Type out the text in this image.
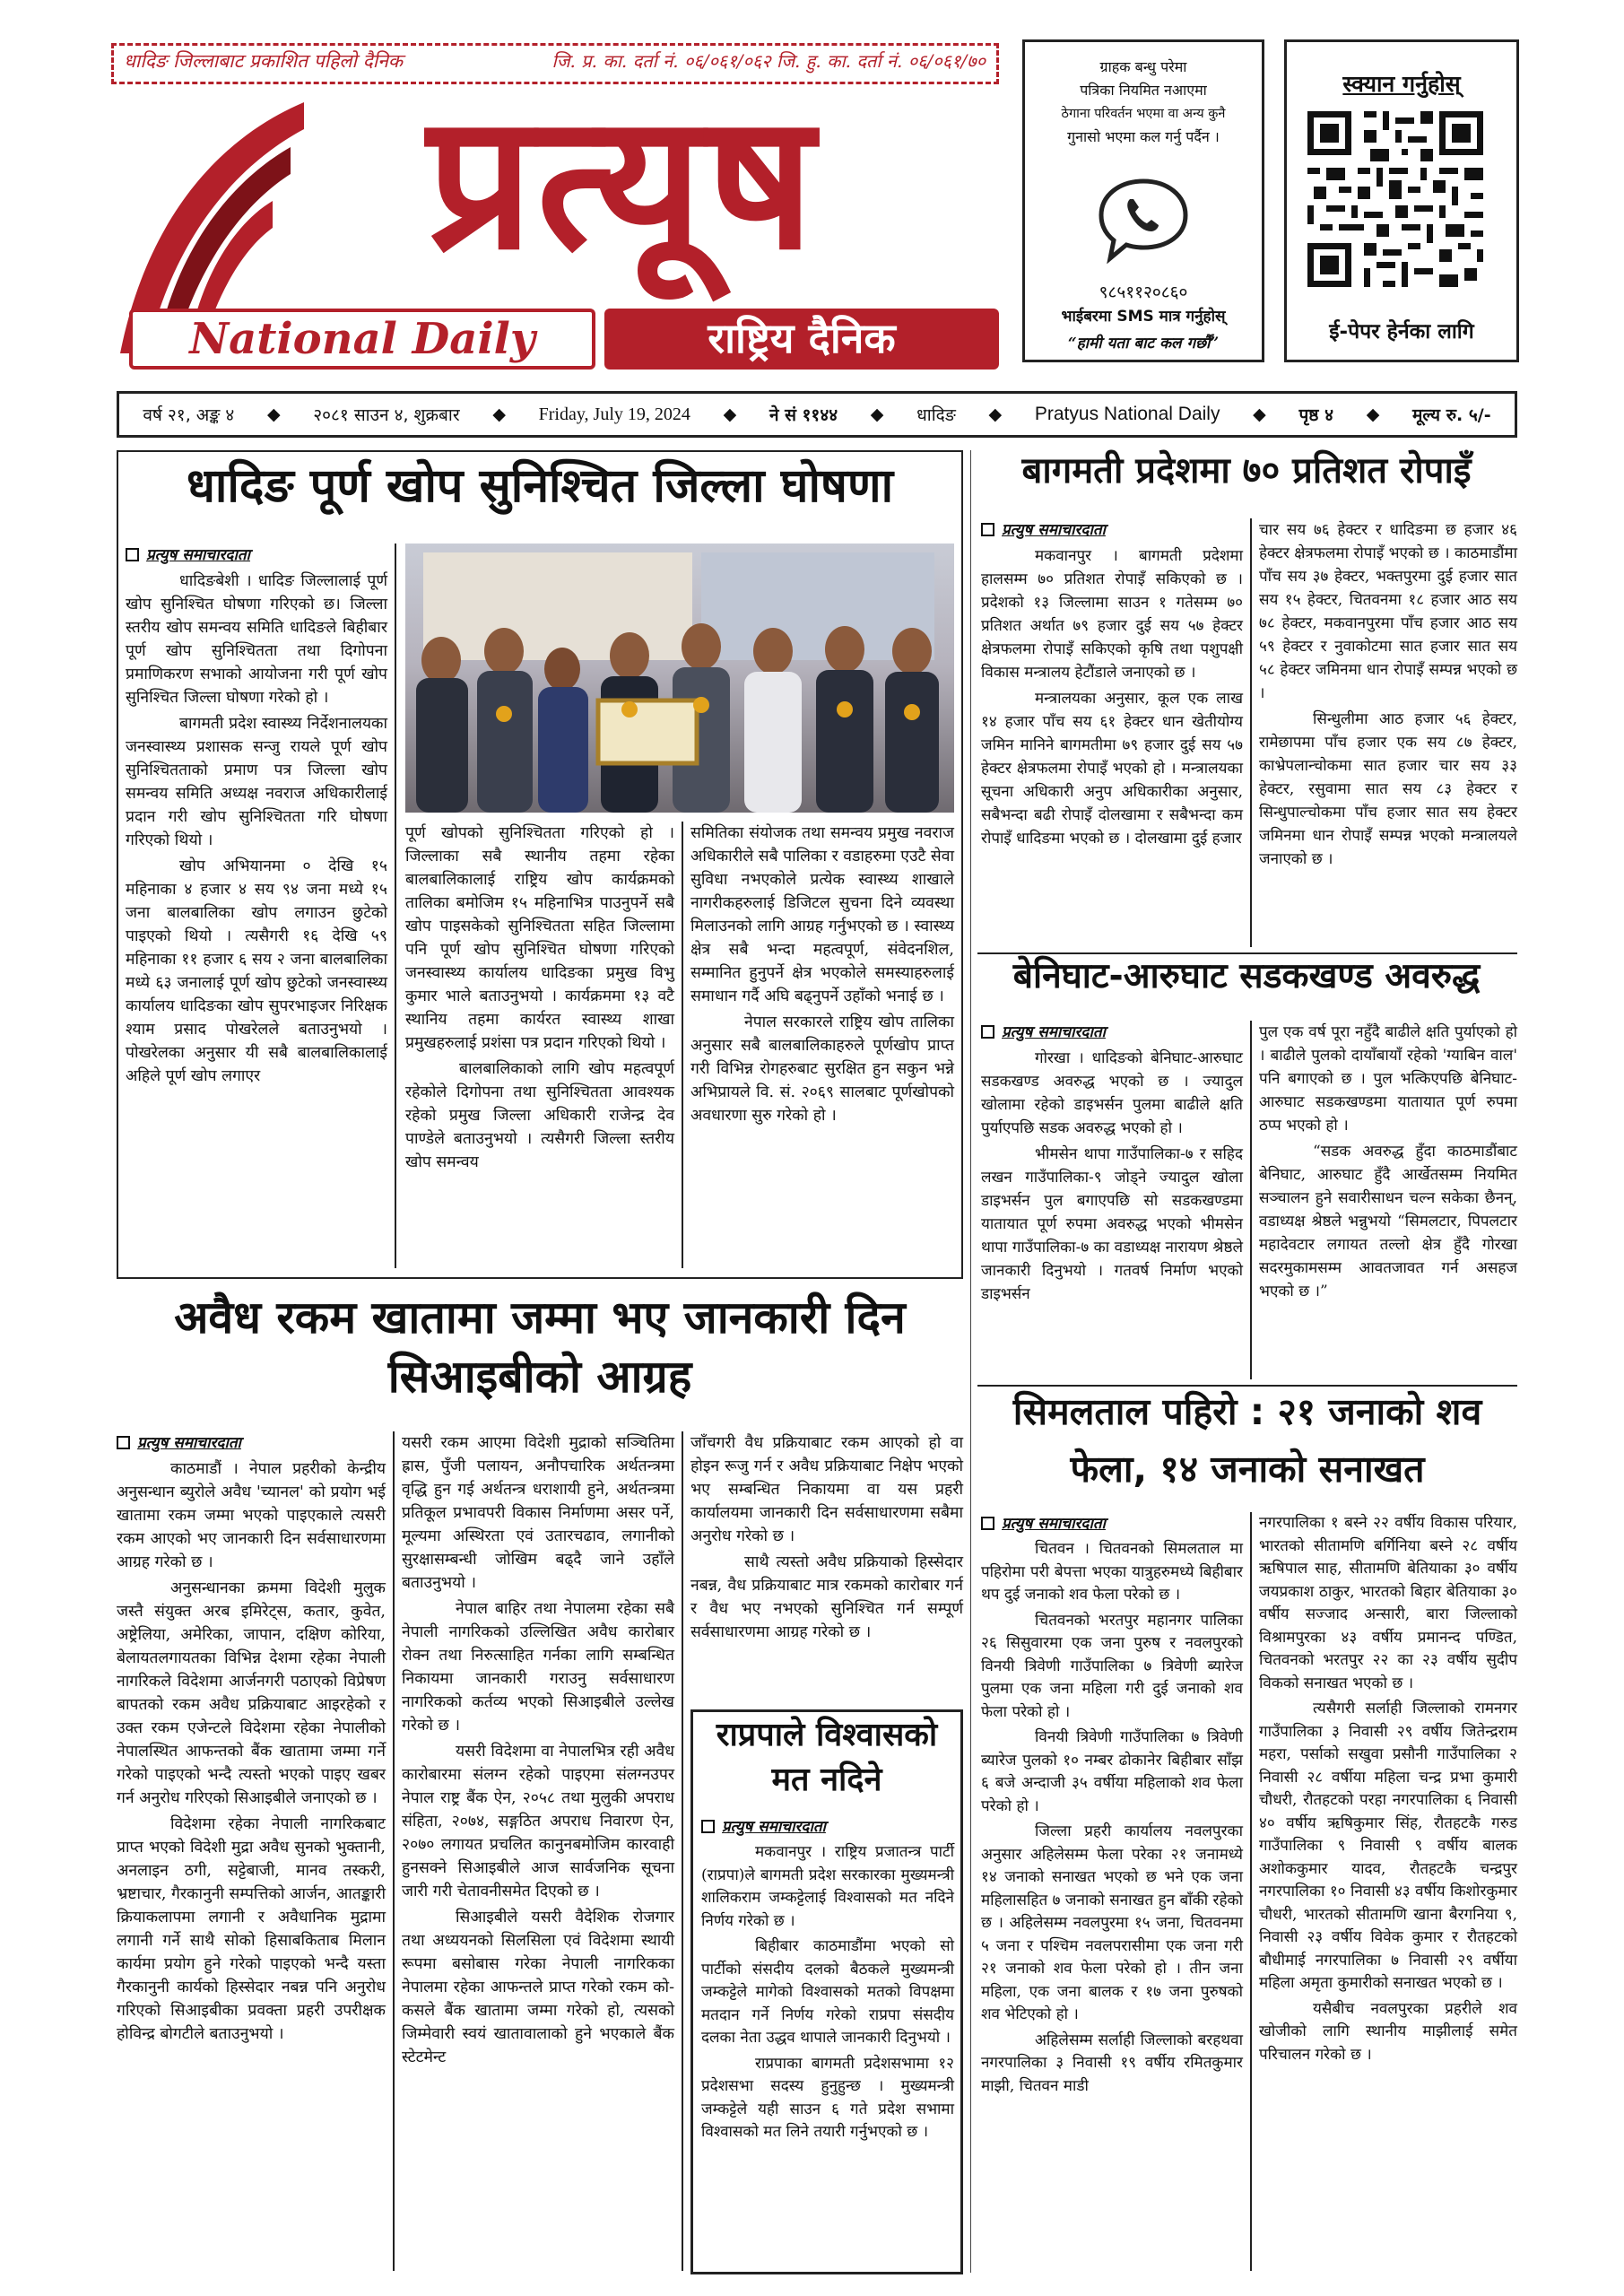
धादिङ जिल्लाबाट प्रकाशित पहिलो दैनिक	जि. प्र. का. दर्ता नं. ०६/०६१/०६२ जि. हु. का. दर्ता नं. ०६/०६१/७०
प्रत्यूष
National Daily	राष्ट्रिय दैनिक
ग्राहक बन्धु परेमा
पत्रिका नियमित नआएमा
ठेगाना परिवर्तन भएमा वा अन्य कुनै
गुनासो भएमा कल गर्नु पर्दैन ।
९८५११२०८६०
भाईबरमा SMS मात्र गर्नुहोस्
“हामी यता बाट कल गर्छौं”
स्क्यान गर्नुहोस्
ई-पेपर हेर्नका लागि
वर्ष २१, अङ्क ४ ◆ २०८१ साउन ४, शुक्रबार ◆ Friday, July 19, 2024 ◆ ने सं ११४४ ◆ धादिङ ◆ Pratyus National Daily ◆ पृष्ठ ४ ◆ मूल्य रु. ५/-
धादिङ पूर्ण खोप सुनिश्चित जिल्ला घोषणा
प्रत्युष समाचारदाता

धादिङबेशी । धादिङ जिल्लालाई पूर्ण खोप सुनिश्चित घोषणा गरिएको छ। जिल्ला स्तरीय खोप समन्वय समिति धादिङले बिहीबार पूर्ण खोप सुनिश्चितता तथा दिगोपना प्रमाणिकरण सभाको आयोजना गरी पूर्ण खोप सुनिश्चित जिल्ला घोषणा गरेको हो ।

बागमती प्रदेश स्वास्थ्य निर्देशनालयका जनस्वास्थ्य प्रशासक सन्जु रायले पूर्ण खोप सुनिश्चितताको प्रमाण पत्र जिल्ला खोप समन्वय समिति अध्यक्ष नवराज अधिकारीलाई प्रदान गरी खोप सुनिश्चितता गरि घोषणा गरिएको थियो ।

खोप अभियानमा ० देखि १५ महिनाका ४ हजार ४ सय ९४ जना मध्ये १५ जना बालबालिका खोप लगाउन छुटेको पाइएको थियो । त्यसैगरी १६ देखि ५९ महिनाका ११ हजार ६ सय २ जना बालबालिका मध्ये ६३ जनालाई पूर्ण खोप छुटेको जनस्वास्थ्य कार्यालय धादिङका खोप सुपरभाइजर निरिक्षक श्याम प्रसाद पोखरेलले बताउनुभयो । पोखरेलका अनुसार यी सबै बालबालिकालाई अहिले पूर्ण खोप लगाएर

पूर्ण खोपको सुनिश्चितता गरिएको हो । जिल्लाका सबै स्थानीय तहमा रहेका बालबालिकालाई राष्ट्रिय खोप कार्यक्रमको तालिका बमोजिम १५ महिनाभित्र पाउनुपर्ने सबै खोप पाइसकेको सुनिश्चितता सहित जिल्लामा पनि पूर्ण खोप सुनिश्चित घोषणा गरिएको जनस्वास्थ्य कार्यालय धादिङका प्रमुख विभु कुमार भाले बताउनुभयो । कार्यक्रममा १३ वटै स्थानिय तहमा कार्यरत स्वास्थ्य शाखा प्रमुखहरुलाई प्रशंसा पत्र प्रदान गरिएको थियो ।

बालबालिकाको लागि खोप महत्वपूर्ण रहेकोले दिगोपना तथा सुनिश्चितता आवश्यक रहेको प्रमुख जिल्ला अधिकारी राजेन्द्र देव पाण्डेले बताउनुभयो । त्यसैगरी जिल्ला स्तरीय खोप समन्वय

समितिका संयोजक तथा समन्वय प्रमुख नवराज अधिकारीले सबै पालिका र वडाहरुमा एउटै सेवा सुविधा नभएकोले प्रत्येक स्वास्थ्य शाखाले नागरीकहरुलाई डिजिटल सुचना दिने व्यवस्था मिलाउनको लागि आग्रह गर्नुभएको छ । स्वास्थ्य क्षेत्र सबै भन्दा महत्वपूर्ण, संवेदनशिल, सम्मानित हुनुपर्ने क्षेत्र भएकोले समस्याहरुलाई समाधान गर्दै अघि बढ्नुपर्ने उहाँको भनाई छ ।

नेपाल सरकारले राष्ट्रिय खोप तालिका अनुसार सबै बालबालिकाहरुले पूर्णखोप प्राप्त गरी विभिन्न रोगहरुबाट सुरक्षित हुन सकुन भन्ने अभिप्रायले वि. सं. २०६९ सालबाट पूर्णखोपको अवधारणा सुरु गरेको हो ।

बागमती प्रदेशमा ७० प्रतिशत रोपाइँ
प्रत्युष समाचारदाता

मकवानपुर । बागमती प्रदेशमा हालसम्म ७० प्रतिशत रोपाइँ सकिएको छ । प्रदेशको १३ जिल्लामा साउन १ गतेसम्म ७० प्रतिशत अर्थात ७९ हजार दुई सय ५७ हेक्टर क्षेत्रफलमा रोपाइँ सकिएको कृषि तथा पशुपक्षी विकास मन्त्रालय हेटौंडाले जनाएको छ ।

मन्त्रालयका अनुसार, कूल एक लाख १४ हजार पाँच सय ६१ हेक्टर धान खेतीयोग्य जमिन मानिने बागमतीमा ७९ हजार दुई सय ५७ हेक्टर क्षेत्रफलमा रोपाइँ भएको हो । मन्त्रालयका सूचना अधिकारी अनुप अधिकारीका अनुसार, सबैभन्दा बढी रोपाइँ दोलखामा र सबैभन्दा कम रोपाइँ धादिङमा भएको छ । दोलखामा दुई हजार

चार सय ७६ हेक्टर र धादिङमा छ हजार ४६ हेक्टर क्षेत्रफलमा रोपाइँ भएको छ । काठमाडौंमा पाँच सय ३७ हेक्टर, भक्तपुरमा दुई हजार सात सय १५ हेक्टर, चितवनमा १८ हजार आठ सय ७८ हेक्टर, मकवानपुरमा पाँच हजार आठ सय ५९ हेक्टर र नुवाकोटमा सात हजार सात सय ५८ हेक्टर जमिनमा धान रोपाइँ सम्पन्न भएको छ ।

सिन्धुलीमा आठ हजार ५६ हेक्टर, रामेछापमा पाँच हजार एक सय ८७ हेक्टर, काभ्रेपलान्चोकमा सात हजार चार सय ३३ हेक्टर, रसुवामा सात सय ८३ हेक्टर र सिन्धुपाल्चोकमा पाँच हजार सात सय हेक्टर जमिनमा धान रोपाइँ सम्पन्न भएको मन्त्रालयले जनाएको छ ।

बेनिघाट-आरुघाट सडकखण्ड अवरुद्ध
प्रत्युष समाचारदाता

गोरखा । धादिङको बेनिघाट-आरुघाट सडकखण्ड अवरुद्ध भएको छ । ज्यादुल खोलामा रहेको डाइभर्सन पुलमा बाढीले क्षति पुर्याएपछि सडक अवरुद्ध भएको हो ।

भीमसेन थापा गाउँपालिका-७ र सहिद लखन गाउँपालिका-९ जोड्ने ज्यादुल खोला डाइभर्सन पुल बगाएपछि सो सडकखण्डमा यातायात पूर्ण रुपमा अवरुद्ध भएको भीमसेन थापा गाउँपालिका-७ का वडाध्यक्ष नारायण श्रेष्ठले जानकारी दिनुभयो । गतवर्ष निर्माण भएको डाइभर्सन

पुल एक वर्ष पूरा नहुँदै बाढीले क्षति पुर्याएको हो । बाढीले पुलको दायाँबायाँ रहेको 'ग्याबिन वाल' पनि बगाएको छ । पुल भत्किएपछि बेनिघाट-आरुघाट सडकखण्डमा यातायात पूर्ण रुपमा ठप्प भएको हो ।

“सडक अवरुद्ध हुँदा काठमाडौंबाट बेनिघाट, आरुघाट हुँदै आर्खेतसम्म नियमित सञ्चालन हुने सवारीसाधन चल्न सकेका छैनन्, वडाध्यक्ष श्रेष्ठले भन्नुभयो “सिमलटार, पिपलटार महादेवटार लगायत तल्लो क्षेत्र हुँदै गोरखा सदरमुकामसम्म आवतजावत गर्न असहज भएको छ ।”

अवैध रकम खातामा जम्मा भए जानकारी दिन
सिआइबीको आग्रह
प्रत्युष समाचारदाता

काठमाडौं । नेपाल प्रहरीको केन्द्रीय अनुसन्धान ब्युरोले अवैध 'च्यानल' को प्रयोग भई खातामा रकम जम्मा भएको पाइएकाले त्यसरी रकम आएको भए जानकारी दिन सर्वसाधारणमा आग्रह गरेको छ ।

अनुसन्धानका क्रममा विदेशी मुलुक जस्तै संयुक्त अरब इमिरेट्स, कतार, कुवेत, अष्ट्रेलिया, अमेरिका, जापान, दक्षिण कोरिया, बेलायतलगायतका विभिन्न देशमा रहेका नेपाली नागरिकले विदेशमा आर्जनगरी पठाएको विप्रेषण बापतको रकम अवैध प्रक्रियाबाट आइरहेको र उक्त रकम एजेन्टले विदेशमा रहेका नेपालीको नेपालस्थित आफन्तको बैंक खातामा जम्मा गर्ने गरेको पाइएको भन्दै त्यस्तो भएको पाइए खबर गर्न अनुरोध गरिएको सिआइबीले जनाएको छ ।

विदेशमा रहेका नेपाली नागरिकबाट प्राप्त भएको विदेशी मुद्रा अवैध सुनको भुक्तानी, अनलाइन ठगी, सट्टेबाजी, मानव तस्करी, भ्रष्टाचार, गैरकानुनी सम्पत्तिको आर्जन, आतङ्कारी क्रियाकलापमा लगानी र अवैधानिक मुद्रामा लगानी गर्ने साथै सोको हिसाबकिताब मिलान कार्यमा प्रयोग हुने गरेको पाइएको भन्दै यस्ता गैरकानुनी कार्यको हिस्सेदार नबन्न पनि अनुरोध गरिएको सिआइबीका प्रवक्ता प्रहरी उपरीक्षक होविन्द्र बोगटीले बताउनुभयो ।

यसरी रकम आएमा विदेशी मुद्राको सञ्चितिमा ह्रास, पुँजी पलायन, अनौपचारिक अर्थतन्त्रमा वृद्धि हुन गई अर्थतन्त्र धराशायी हुने, अर्थतन्त्रमा प्रतिकूल प्रभावपरी विकास निर्माणमा असर पर्ने, मूल्यमा अस्थिरता एवं उतारचढाव, लगानीको सुरक्षासम्बन्धी जोखिम बढ्दै जाने उहाँले बताउनुभयो ।

नेपाल बाहिर तथा नेपालमा रहेका सबै नेपाली नागरिकको उल्लिखित अवैध कारोबार रोक्न तथा निरुत्साहित गर्नका लागि सम्बन्धित निकायमा जानकारी गराउनु सर्वसाधारण नागरिकको कर्तव्य भएको सिआइबीले उल्लेख गरेको छ ।

यसरी विदेशमा वा नेपालभित्र रही अवैध कारोबारमा संलग्न रहेको पाइएमा संलग्नउपर नेपाल राष्ट्र बैंक ऐन, २०५८ तथा मुलुकी अपराध संहिता, २०७४, सङ्गठित अपराध निवारण ऐन, २०७० लगायत प्रचलित कानुनबमोजिम कारवाही हुनसक्ने सिआइबीले आज सार्वजनिक सूचना जारी गरी चेतावनीसमेत दिएको छ ।

सिआइबीले यसरी वैदेशिक रोजगार तथा अध्ययनको सिलसिला एवं विदेशमा स्थायी रूपमा बसोबास गरेका नेपाली नागरिकका नेपालमा रहेका आफन्तले प्राप्त गरेको रकम को-कसले बैंक खातामा जम्मा गरेको हो, त्यसको जिम्मेवारी स्वयं खातावालाको हुने भएकाले बैंक स्टेटमेन्ट

जाँचगरी वैध प्रक्रियाबाट रकम आएको हो वा होइन रूजु गर्न र अवैध प्रक्रियाबाट निक्षेप भएको भए सम्बन्धित निकायमा वा यस प्रहरी कार्यालयमा जानकारी दिन सर्वसाधारणमा सबैमा अनुरोध गरेको छ ।

साथै त्यस्तो अवैध प्रक्रियाको हिस्सेदार नबन्न, वैध प्रक्रियाबाट मात्र रकमको कारोबार गर्न र वैध भए नभएको सुनिश्चित गर्न सम्पूर्ण सर्वसाधारणमा आग्रह गरेको छ ।

राप्रपाले विश्वासको
मत नदिने
प्रत्युष समाचारदाता

मकवानपुर । राष्ट्रिय प्रजातन्त्र पार्टी (राप्रपा)ले बागमती प्रदेश सरकारका मुख्यमन्त्री शालिकराम जम्कट्टेलाई विश्वासको मत नदिने निर्णय गरेको छ ।

बिहीबार काठमाडौंमा भएको सो पार्टीको संसदीय दलको बैठकले मुख्यमन्त्री जम्कट्टेले मागेको विश्वासको मतको विपक्षमा मतदान गर्ने निर्णय गरेको राप्रपा संसदीय दलका नेता उद्धव थापाले जानकारी दिनुभयो ।

राप्रपाका बागमती प्रदेशसभामा १२ प्रदेशसभा सदस्य हुनुहुन्छ । मुख्यमन्त्री जम्कट्टेले यही साउन ६ गते प्रदेश सभामा विश्वासको मत लिने तयारी गर्नुभएको छ ।

सिमलताल पहिरो : २१ जनाको शव
फेला, १४ जनाको सनाखत
प्रत्युष समाचारदाता

चितवन । चितवनको सिमलताल मा पहिरोमा परी बेपत्ता भएका यात्रुहरुमध्ये बिहीबार थप दुई जनाको शव फेला परेको छ ।

चितवनको भरतपुर महानगर पालिका २६ सिसुवारमा एक जना पुरुष र नवलपुरको विनयी त्रिवेणी गाउँपालिका ७ त्रिवेणी ब्यारेज पुलमा एक जना महिला गरी दुई जनाको शव फेला परेको हो ।

विनयी त्रिवेणी गाउँपालिका ७ त्रिवेणी ब्यारेज पुलको १० नम्बर ढोकानेर बिहीबार साँझ ६ बजे अन्दाजी ३५ वर्षीया महिलाको शव फेला परेको हो ।

जिल्ला प्रहरी कार्यालय नवलपुरका अनुसार अहिलेसम्म फेला परेका २१ जनामध्ये १४ जनाको सनाखत भएको छ भने एक जना महिलासहित ७ जनाको सनाखत हुन बाँकी रहेको छ । अहिलेसम्म नवलपुरमा १५ जना, चितवनमा ५ जना र पश्चिम नवलपरासीमा एक जना गरी २१ जनाको शव फेला परेको हो । तीन जना महिला, एक जना बालक र १७ जना पुरुषको शव भेटिएको हो ।

अहिलेसम्म सर्लाही जिल्लाको बरहथवा नगरपालिका ३ निवासी १९ वर्षीय रमितकुमार माझी, चितवन माडी

नगरपालिका १ बस्ने २२ वर्षीय विकास परियार, भारतको सीतामणि बर्गिनिया बस्ने २८ वर्षीय ऋषिपाल साह, सीतामणि बेतियाका ३० वर्षीय जयप्रकाश ठाकुर, भारतको बिहार बेतियाका ३० वर्षीय सज्जाद अन्सारी, बारा जिल्लाको विश्रामपुरका ४३ वर्षीय प्रमानन्द पण्डित, चितवनको भरतपुर २२ का २३ वर्षीय सुदीप विकको सनाखत भएको छ ।

त्यसैगरी सर्लाही जिल्लाको रामनगर गाउँपालिका ३ निवासी २९ वर्षीय जितेन्द्रराम महरा, पर्साको सखुवा प्रसौनी गाउँपालिका २ निवासी २८ वर्षीया महिला चन्द्र प्रभा कुमारी चौधरी, रौतहटको परहा नगरपालिका ६ निवासी ४० वर्षीय ऋषिकुमार सिंह, रौतहटकै गरुड गाउँपालिका ९ निवासी ९ वर्षीय बालक अशोककुमार यादव, रौतहटकै चन्द्रपुर नगरपालिका १० निवासी ४३ वर्षीय किशोरकुमार चौधरी, भारतको सीतामणि खाना बैरगनिया ९, निवासी २३ वर्षीय विवेक कुमार र रौतहटको बौधीमाई नगरपालिका ७ निवासी २९ वर्षीया महिला अमृता कुमारीको सनाखत भएको छ ।

यसैबीच नवलपुरका प्रहरीले शव खोजीको लागि स्थानीय माझीलाई समेत परिचालन गरेको छ ।
